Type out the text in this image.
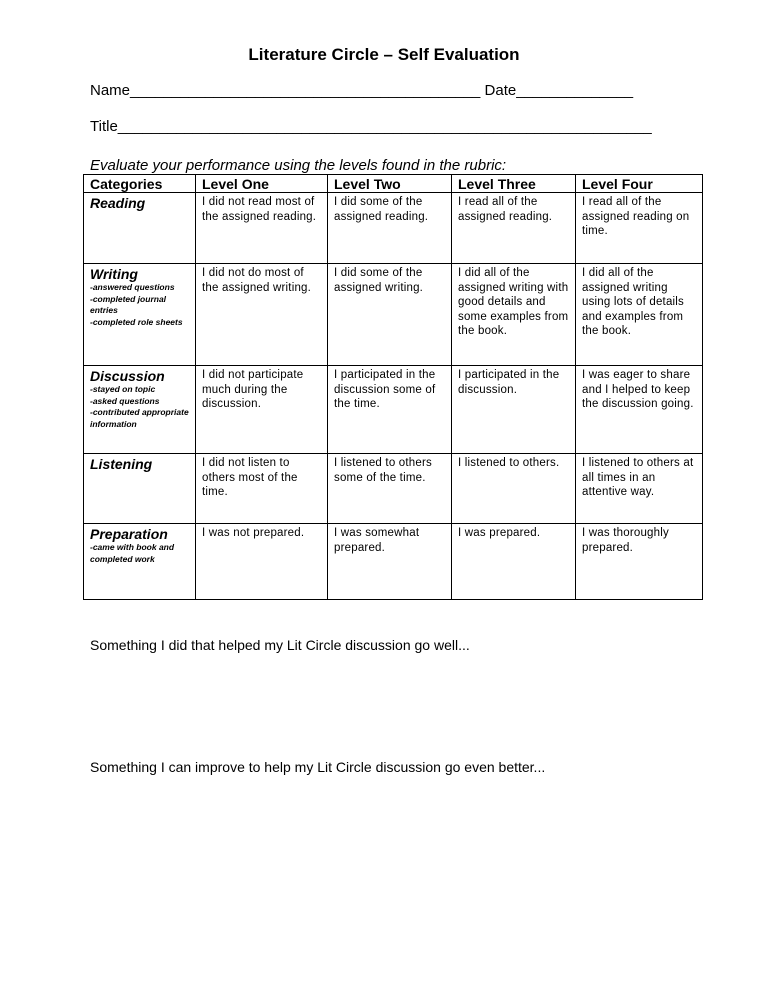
Literature Circle – Self Evaluation
Name__________________________________________ Date______________
Title________________________________________________________________
Evaluate your performance using the levels found in the rubric:
Categories	Level One	Level Two	Level Three	Level Four

Reading	I did not read most of the assigned reading.	I did some of the assigned reading.	I read all of the assigned reading.	I read all of the assigned reading on time.

Writing
-answered questions
-completed journal entries
-completed role sheets	I did not do most of the assigned writing.	I did some of the assigned writing.	I did all of the assigned writing with good details and some examples from the book.	I did all of the assigned writing using lots of details and examples from the book.

Discussion
-stayed on topic
-asked questions
-contributed appropriate information	I did not participate much during the discussion.	I participated in the discussion some of the time.	I participated in the discussion.	I was eager to share and I helped to keep the discussion going.

Listening	I did not listen to others most of the time.	I listened to others some of the time.	I listened to others.	I listened to others at all times in an attentive way.

Preparation
-came with book and completed work	I was not prepared.	I was somewhat prepared.	I was prepared.	I was thoroughly prepared.
Something I did that helped my Lit Circle discussion go well...
Something I can improve to help my Lit Circle discussion go even better...
